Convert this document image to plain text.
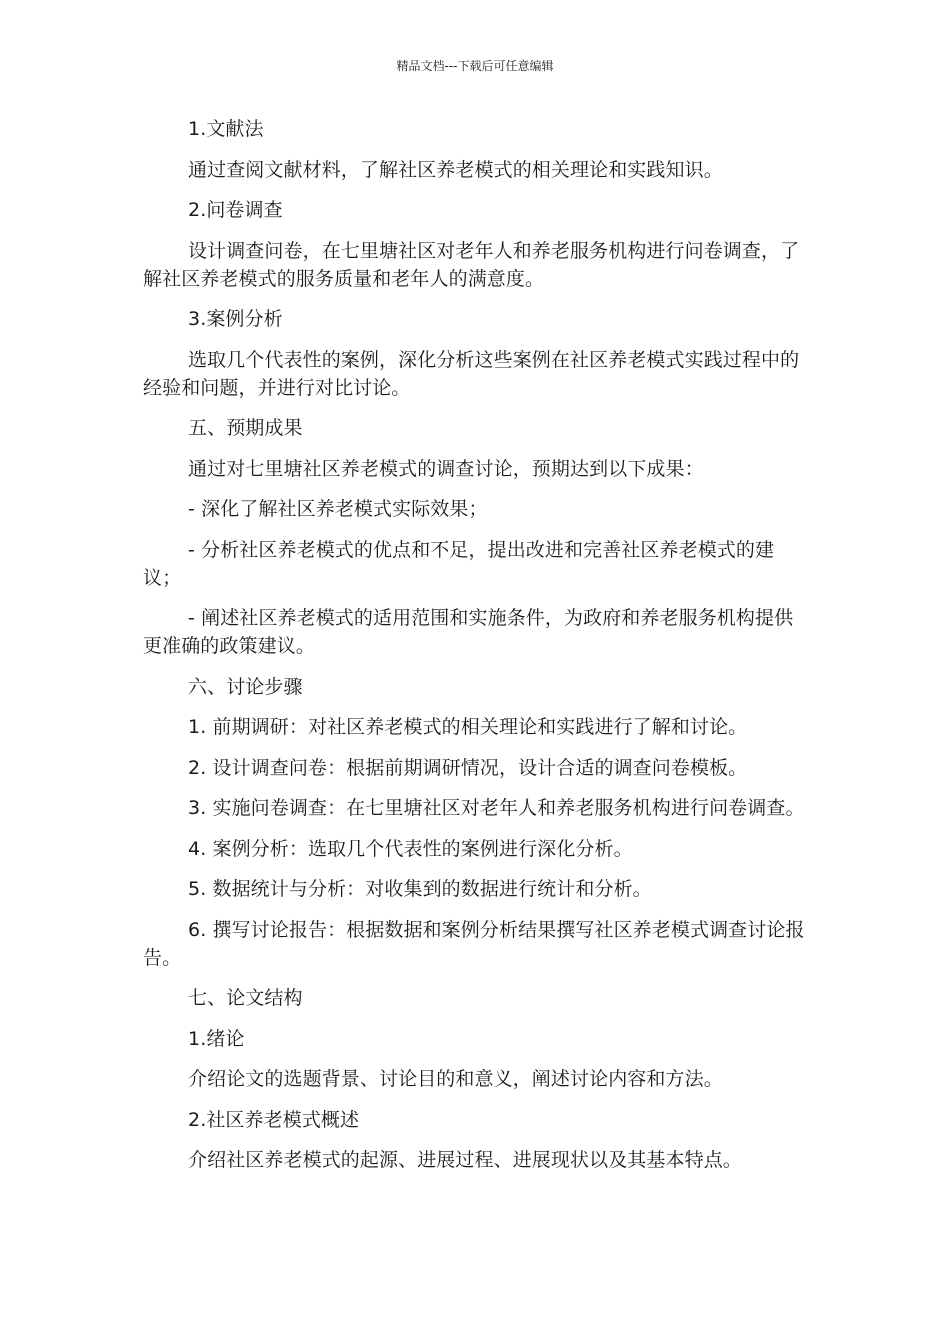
精品文档---下载后可任意编辑

1.文献法

通过查阅文献材料，了解社区养老模式的相关理论和实践知识。

2.问卷调查

设计调查问卷，在七里塘社区对老年人和养老服务机构进行问卷调查，了解社区养老模式的服务质量和老年人的满意度。

3.案例分析

选取几个代表性的案例，深化分析这些案例在社区养老模式实践过程中的经验和问题，并进行对比讨论。

五、预期成果

通过对七里塘社区养老模式的调查讨论，预期达到以下成果：

- 深化了解社区养老模式实际效果；

- 分析社区养老模式的优点和不足，提出改进和完善社区养老模式的建议；

- 阐述社区养老模式的适用范围和实施条件，为政府和养老服务机构提供更准确的政策建议。

六、讨论步骤

1. 前期调研：对社区养老模式的相关理论和实践进行了解和讨论。

2. 设计调查问卷：根据前期调研情况，设计合适的调查问卷模板。

3. 实施问卷调查：在七里塘社区对老年人和养老服务机构进行问卷调查。

4. 案例分析：选取几个代表性的案例进行深化分析。

5. 数据统计与分析：对收集到的数据进行统计和分析。

6. 撰写讨论报告：根据数据和案例分析结果撰写社区养老模式调查讨论报告。

七、论文结构

1.绪论

介绍论文的选题背景、讨论目的和意义，阐述讨论内容和方法。

2.社区养老模式概述

介绍社区养老模式的起源、进展过程、进展现状以及其基本特点。
